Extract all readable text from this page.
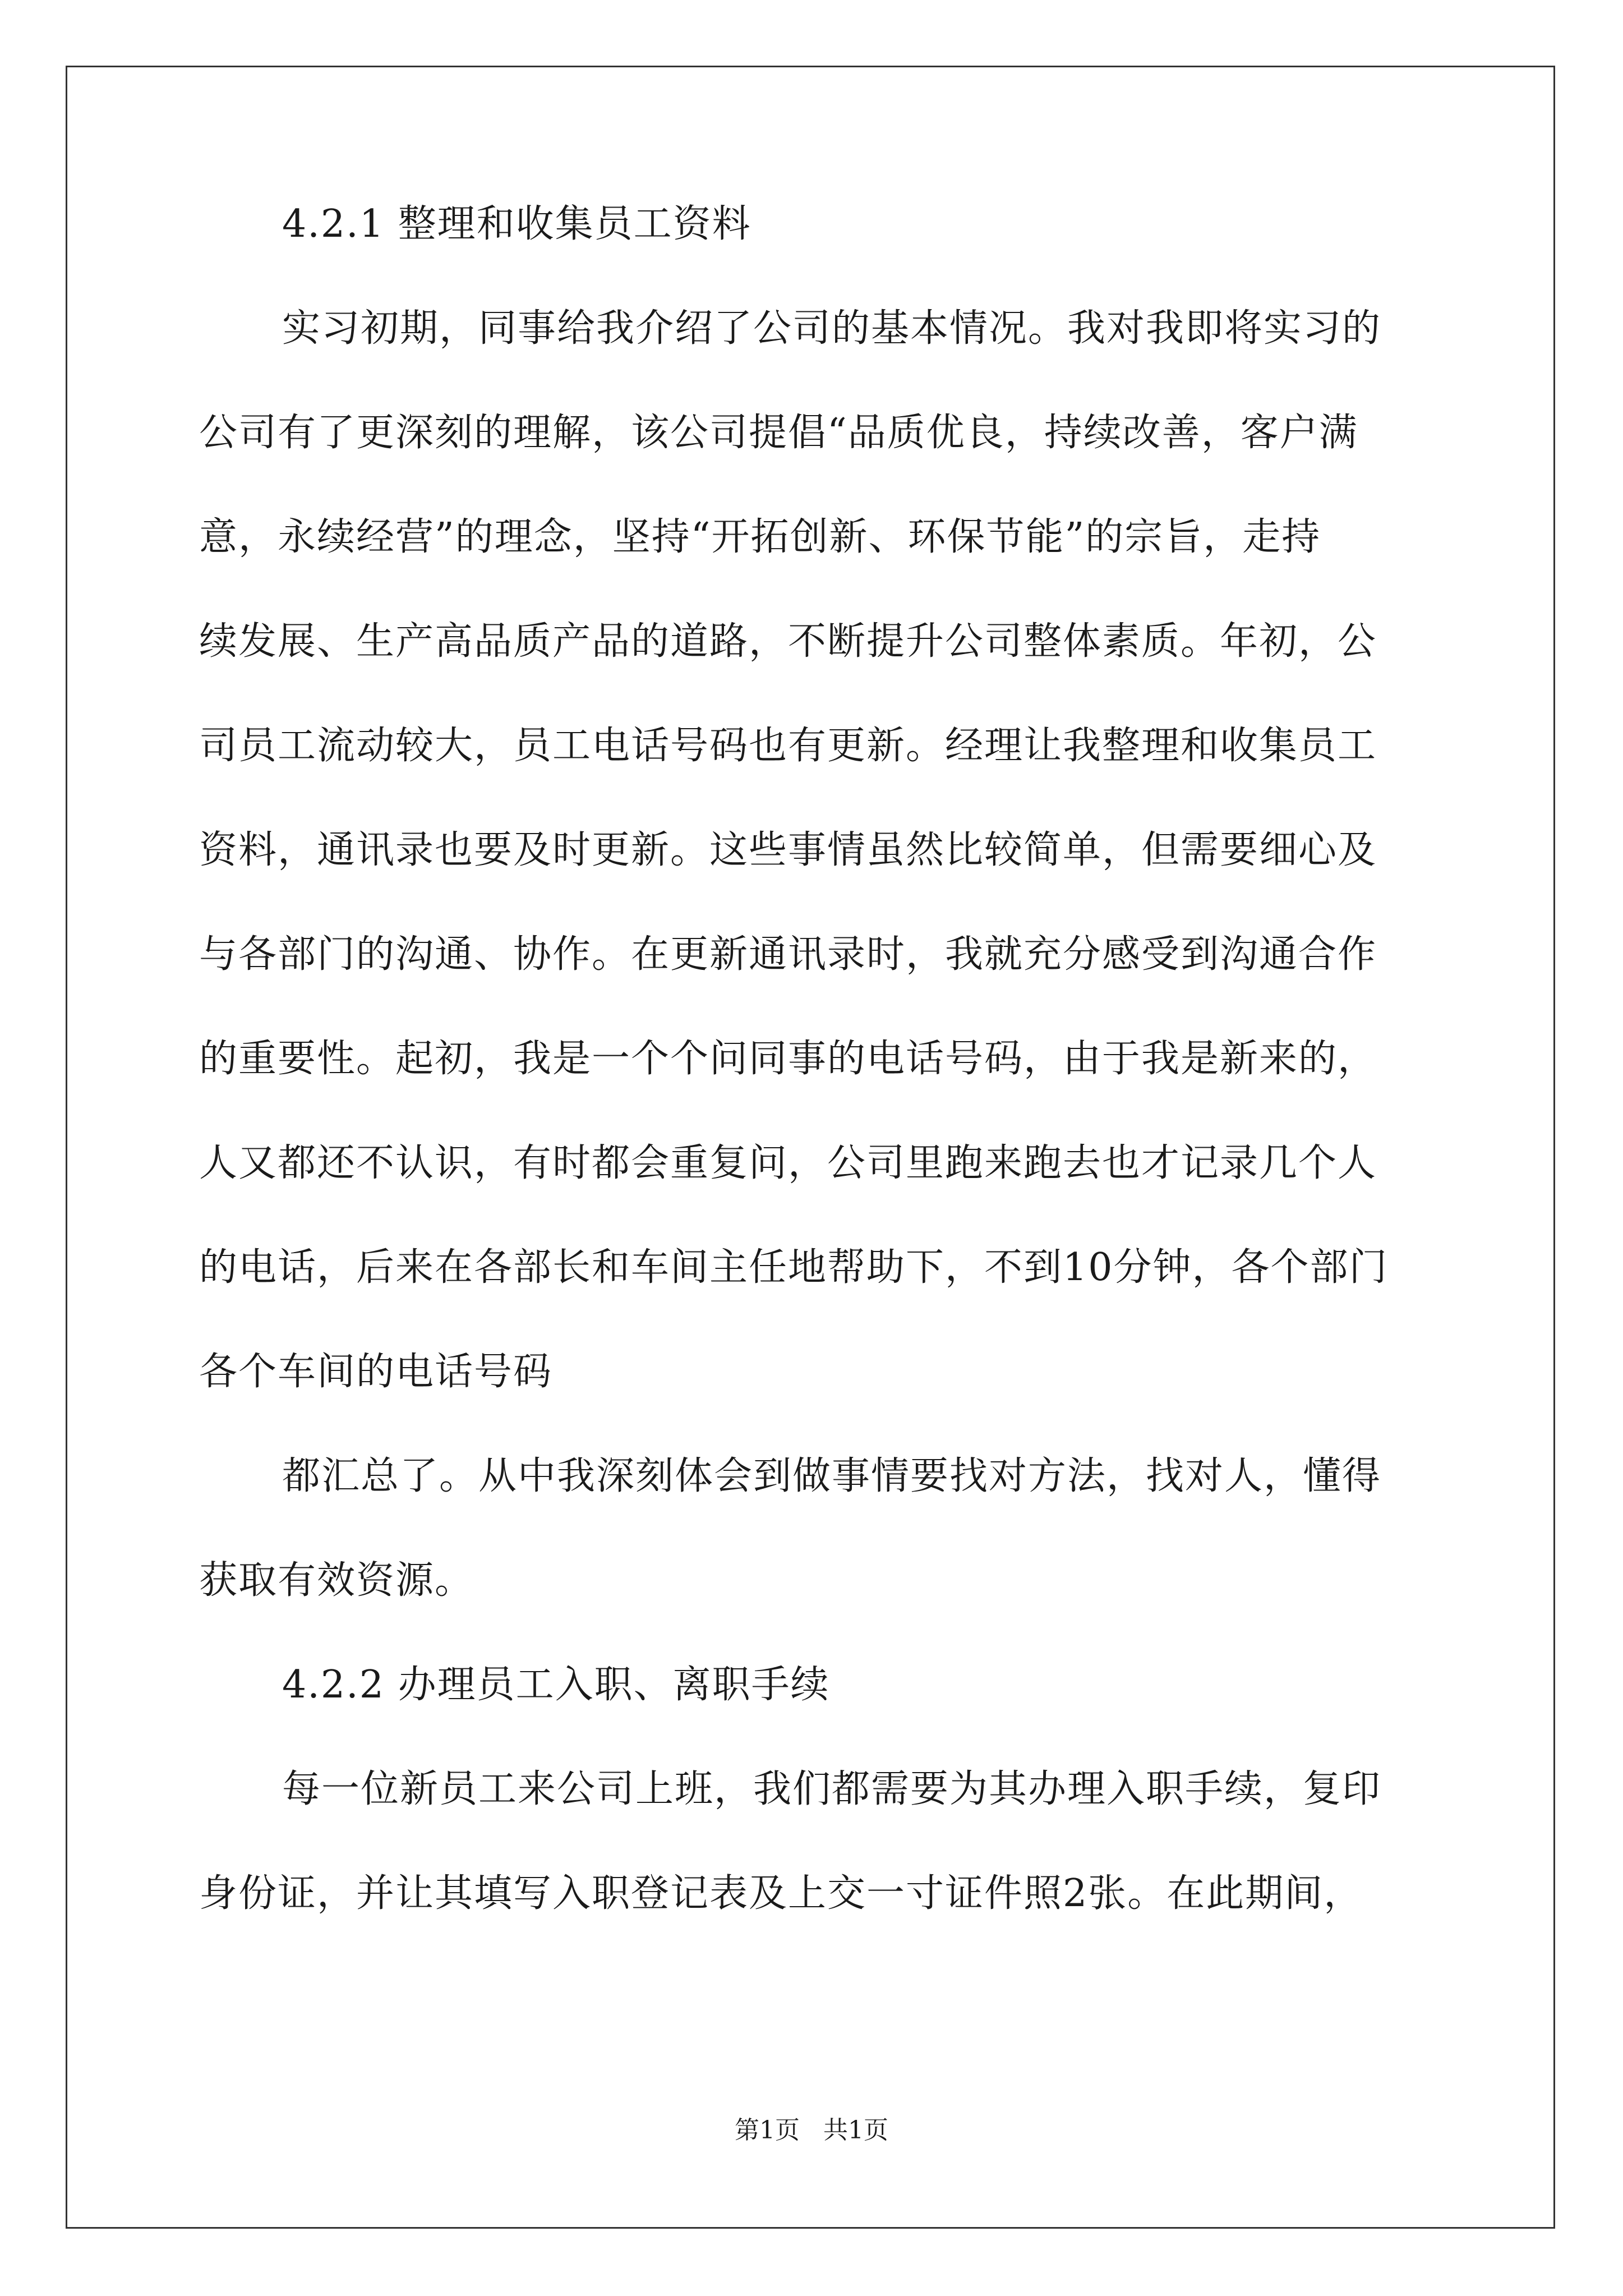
4.2.1 整理和收集员工资料
实习初期，同事给我介绍了公司的基本情况。我对我即将实习的
公司有了更深刻的理解，该公司提倡“品质优良，持续改善，客户满
意，永续经营”的理念，坚持“开拓创新、环保节能”的宗旨，走持
续发展、生产高品质产品的道路，不断提升公司整体素质。年初，公
司员工流动较大，员工电话号码也有更新。经理让我整理和收集员工
资料，通讯录也要及时更新。这些事情虽然比较简单，但需要细心及
与各部门的沟通、协作。在更新通讯录时，我就充分感受到沟通合作
的重要性。起初，我是一个个问同事的电话号码，由于我是新来的，
人又都还不认识，有时都会重复问，公司里跑来跑去也才记录几个人
的电话，后来在各部长和车间主任地帮助下，不到10分钟，各个部门
各个车间的电话号码
都汇总了。从中我深刻体会到做事情要找对方法，找对人，懂得
获取有效资源。
4.2.2 办理员工入职、离职手续
每一位新员工来公司上班，我们都需要为其办理入职手续，复印
身份证，并让其填写入职登记表及上交一寸证件照2张。在此期间，
第1页 共1页
